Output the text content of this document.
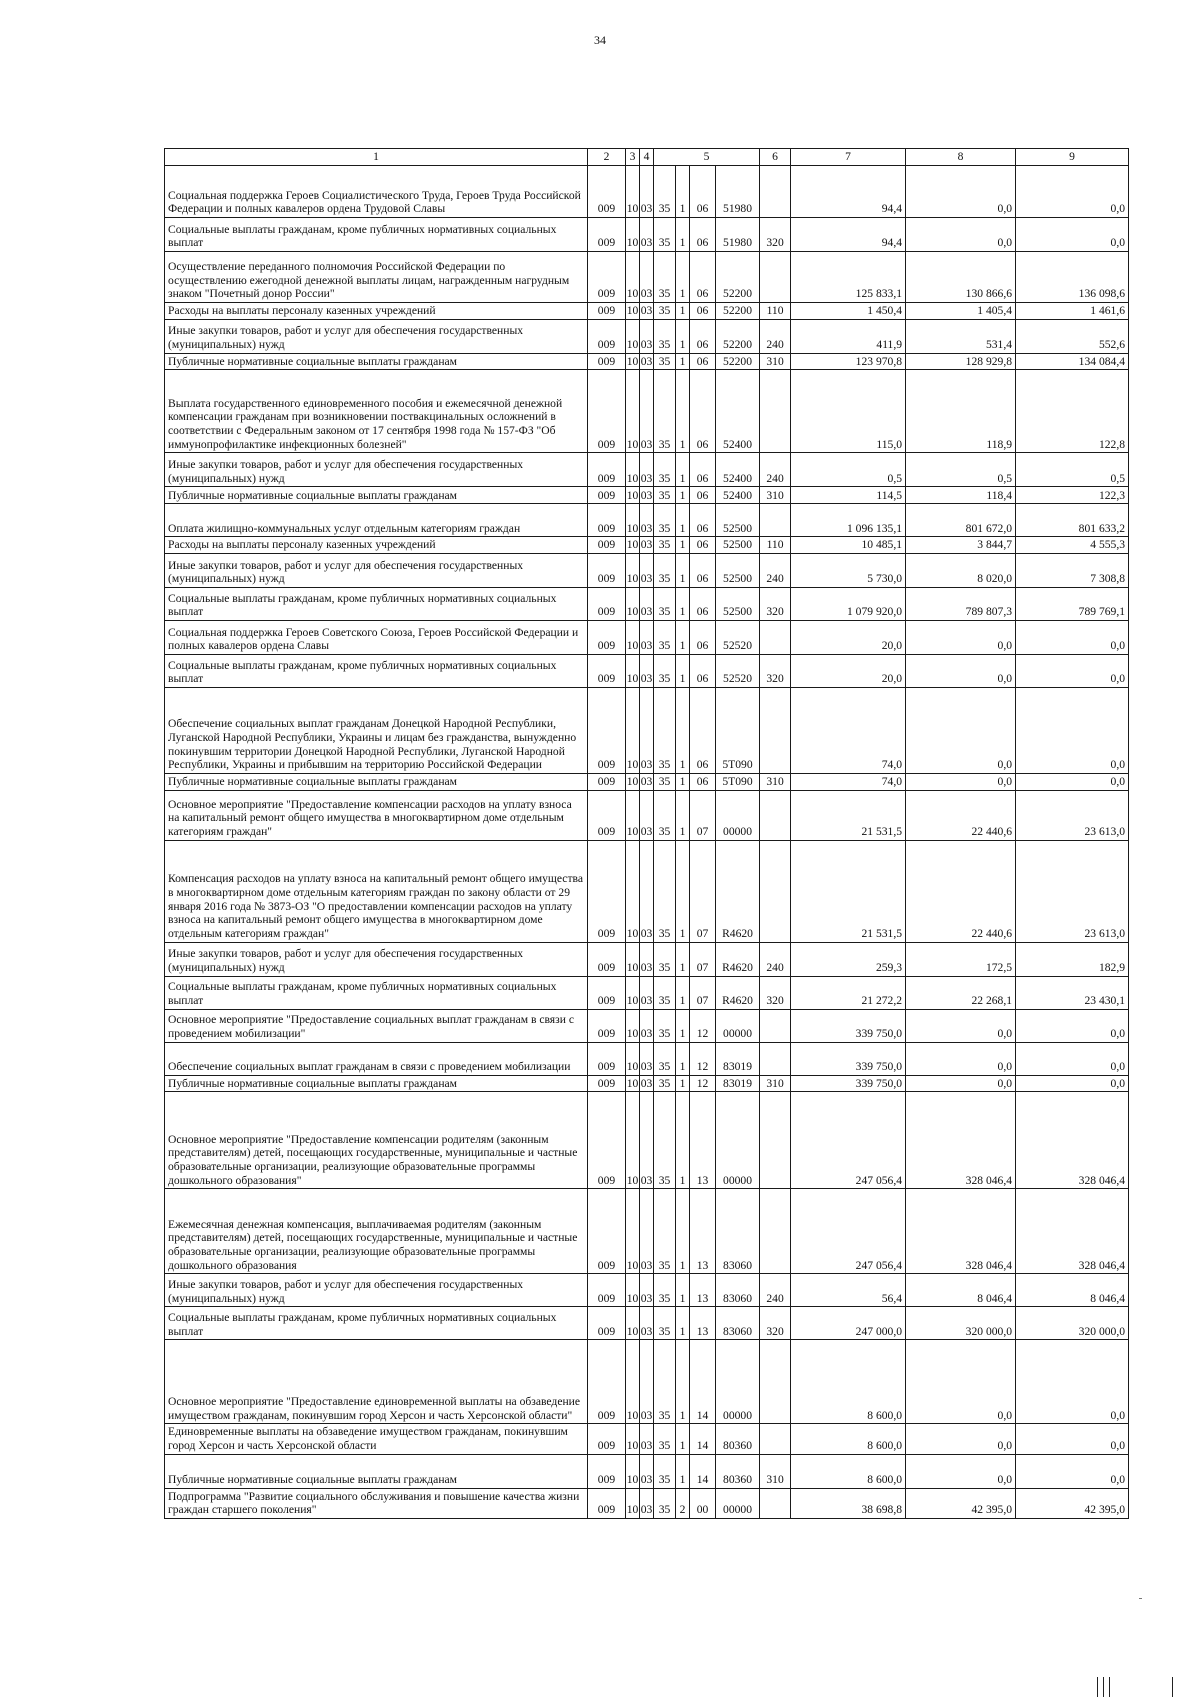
34
1	2	3	4	5				6	7	8	9
Социальная поддержка Героев Социалистического Труда, Героев Труда Российской Федерации и полных кавалеров ордена Трудовой Славы	009	10	03	35	1	06	51980		94,4	0,0	0,0
Социальные выплаты гражданам, кроме публичных нормативных социальных выплат	009	10	03	35	1	06	51980	320	94,4	0,0	0,0
Осуществление переданного полномочия Российской Федерации по осуществлению ежегодной денежной выплаты лицам, награжденным нагрудным знаком "Почетный донор России"	009	10	03	35	1	06	52200		125 833,1	130 866,6	136 098,6
Расходы на выплаты персоналу казенных учреждений	009	10	03	35	1	06	52200	110	1 450,4	1 405,4	1 461,6
Иные закупки товаров, работ и услуг для обеспечения государственных (муниципальных) нужд	009	10	03	35	1	06	52200	240	411,9	531,4	552,6
Публичные нормативные социальные выплаты гражданам	009	10	03	35	1	06	52200	310	123 970,8	128 929,8	134 084,4
Выплата государственного единовременного пособия и ежемесячной денежной компенсации гражданам при возникновении поствакцинальных осложнений в соответствии с Федеральным законом от 17 сентября 1998 года № 157-ФЗ "Об иммунопрофилактике инфекционных болезней"	009	10	03	35	1	06	52400		115,0	118,9	122,8
Иные закупки товаров, работ и услуг для обеспечения государственных (муниципальных) нужд	009	10	03	35	1	06	52400	240	0,5	0,5	0,5
Публичные нормативные социальные выплаты гражданам	009	10	03	35	1	06	52400	310	114,5	118,4	122,3
Оплата жилищно-коммунальных услуг отдельным категориям граждан	009	10	03	35	1	06	52500		1 096 135,1	801 672,0	801 633,2
Расходы на выплаты персоналу казенных учреждений	009	10	03	35	1	06	52500	110	10 485,1	3 844,7	4 555,3
Иные закупки товаров, работ и услуг для обеспечения государственных (муниципальных) нужд	009	10	03	35	1	06	52500	240	5 730,0	8 020,0	7 308,8
Социальные выплаты гражданам, кроме публичных нормативных социальных выплат	009	10	03	35	1	06	52500	320	1 079 920,0	789 807,3	789 769,1
Социальная поддержка Героев Советского Союза, Героев Российской Федерации и полных кавалеров ордена Славы	009	10	03	35	1	06	52520		20,0	0,0	0,0
Социальные выплаты гражданам, кроме публичных нормативных социальных выплат	009	10	03	35	1	06	52520	320	20,0	0,0	0,0
Обеспечение социальных выплат гражданам Донецкой Народной Республики, Луганской Народной Республики, Украины и лицам без гражданства, вынужденно покинувшим территории Донецкой Народной Республики, Луганской Народной Республики, Украины и прибывшим на территорию Российской Федерации	009	10	03	35	1	06	5Т090		74,0	0,0	0,0
Публичные нормативные социальные выплаты гражданам	009	10	03	35	1	06	5Т090	310	74,0	0,0	0,0
Основное мероприятие "Предоставление компенсации расходов на уплату взноса на капитальный ремонт общего имущества в многоквартирном доме отдельным категориям граждан"	009	10	03	35	1	07	00000		21 531,5	22 440,6	23 613,0
Компенсация расходов на уплату взноса на капитальный ремонт общего имущества в многоквартирном доме отдельным категориям граждан по закону области от 29 января 2016 года № 3873-ОЗ "О предоставлении компенсации расходов на уплату взноса на капитальный ремонт общего имущества в многоквартирном доме отдельным категориям граждан"	009	10	03	35	1	07	R4620		21 531,5	22 440,6	23 613,0
Иные закупки товаров, работ и услуг для обеспечения государственных (муниципальных) нужд	009	10	03	35	1	07	R4620	240	259,3	172,5	182,9
Социальные выплаты гражданам, кроме публичных нормативных социальных выплат	009	10	03	35	1	07	R4620	320	21 272,2	22 268,1	23 430,1
Основное мероприятие "Предоставление социальных выплат гражданам в связи с проведением мобилизации"	009	10	03	35	1	12	00000		339 750,0	0,0	0,0
Обеспечение социальных выплат гражданам в связи с проведением мобилизации	009	10	03	35	1	12	83019		339 750,0	0,0	0,0
Публичные нормативные социальные выплаты гражданам	009	10	03	35	1	12	83019	310	339 750,0	0,0	0,0
Основное мероприятие "Предоставление компенсации родителям (законным представителям) детей, посещающих государственные, муниципальные и частные образовательные организации, реализующие образовательные программы дошкольного образования"	009	10	03	35	1	13	00000		247 056,4	328 046,4	328 046,4
Ежемесячная денежная компенсация, выплачиваемая родителям (законным представителям) детей, посещающих государственные, муниципальные и частные образовательные организации, реализующие образовательные программы дошкольного образования	009	10	03	35	1	13	83060		247 056,4	328 046,4	328 046,4
Иные закупки товаров, работ и услуг для обеспечения государственных (муниципальных) нужд	009	10	03	35	1	13	83060	240	56,4	8 046,4	8 046,4
Социальные выплаты гражданам, кроме публичных нормативных социальных выплат	009	10	03	35	1	13	83060	320	247 000,0	320 000,0	320 000,0
Основное мероприятие "Предоставление единовременной выплаты на обзаведение имуществом гражданам, покинувшим город Херсон и часть Херсонской области"	009	10	03	35	1	14	00000		8 600,0	0,0	0,0
Единовременные выплаты на обзаведение имуществом гражданам, покинувшим город Херсон и часть Херсонской области	009	10	03	35	1	14	80360		8 600,0	0,0	0,0
Публичные нормативные социальные выплаты гражданам	009	10	03	35	1	14	80360	310	8 600,0	0,0	0,0
Подпрограмма "Развитие социального обслуживания и повышение качества жизни граждан старшего поколения"	009	10	03	35	2	00	00000		38 698,8	42 395,0	42 395,0
